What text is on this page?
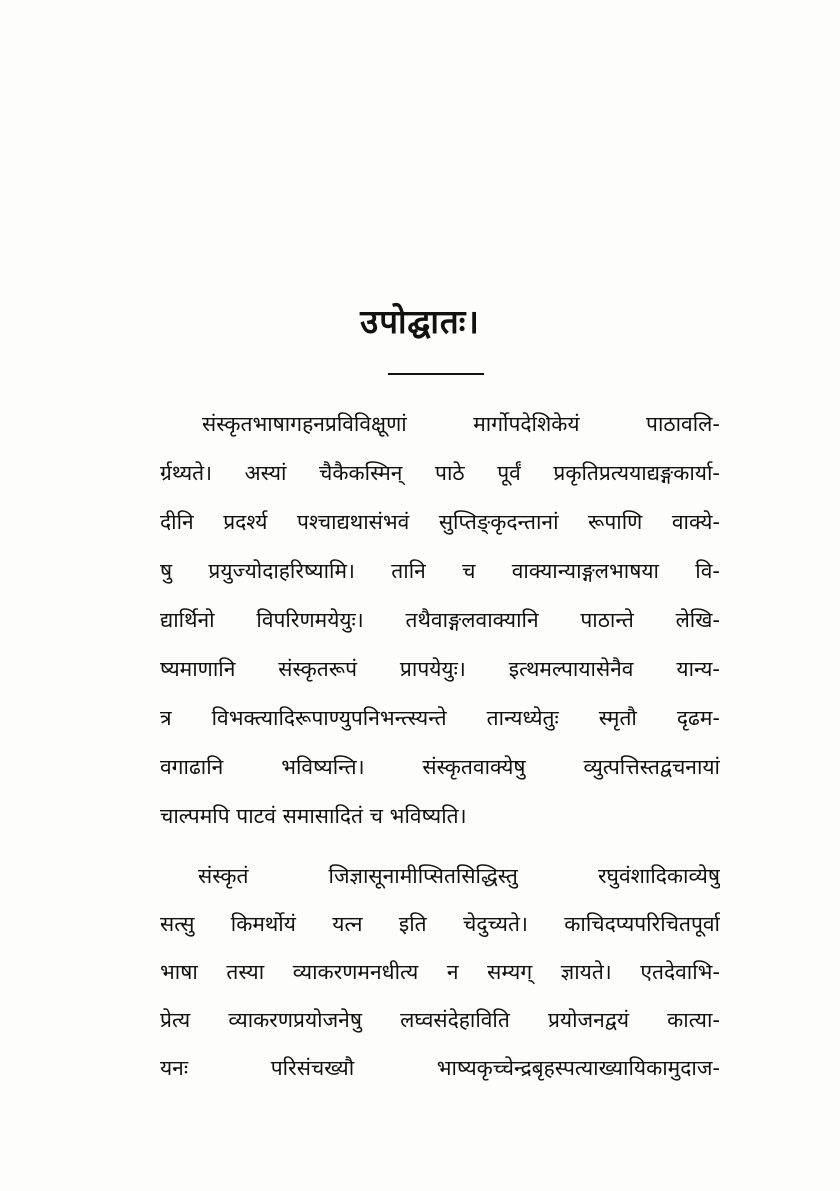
उपोद्घातः।
संस्कृतभाषागहनप्रविविक्षूणां मार्गोपदेशिकेयं पाठावलि-
र्ग्रथ्यते। अस्यां चैकैकस्मिन् पाठे पूर्वं प्रकृतिप्रत्ययाद्यङ्गकार्या-
दीनि प्रदर्श्य पश्चाद्यथासंभवं सुप्तिङ्कृदन्तानां रूपाणि वाक्ये-
षु प्रयुज्योदाहरिष्यामि। तानि च वाक्यान्याङ्गलभाषया वि-
द्यार्थिनो विपरिणमयेयुः। तथैवाङ्गलवाक्यानि पाठान्ते लेखि-
ष्यमाणानि संस्कृतरूपं प्रापयेयुः। इत्थमल्पायासेनैव यान्य-
त्र विभक्त्यादिरूपाण्युपनिभन्त्स्यन्ते तान्यध्येतुः स्मृतौ दृढम-
वगाढानि भविष्यन्ति। संस्कृतवाक्येषु व्युत्पत्तिस्तद्वचनायां
चाल्पमपि पाटवं समासादितं च भविष्यति।
संस्कृतं जिज्ञासूनामीप्सितसिद्धिस्तु रघुवंशादिकाव्येषु
सत्सु किमर्थोयं यत्न इति चेदुच्यते। काचिदप्यपरिचितपूर्वा
भाषा तस्या व्याकरणमनधीत्य न सम्यग् ज्ञायते। एतदेवाभि-
प्रेत्य व्याकरणप्रयोजनेषु लघ्वसंदेहाविति प्रयोजनद्वयं कात्या-
यनः परिसंचख्यौ भाष्यकृच्चेन्द्रबृहस्पत्याख्यायिकामुदाज-
